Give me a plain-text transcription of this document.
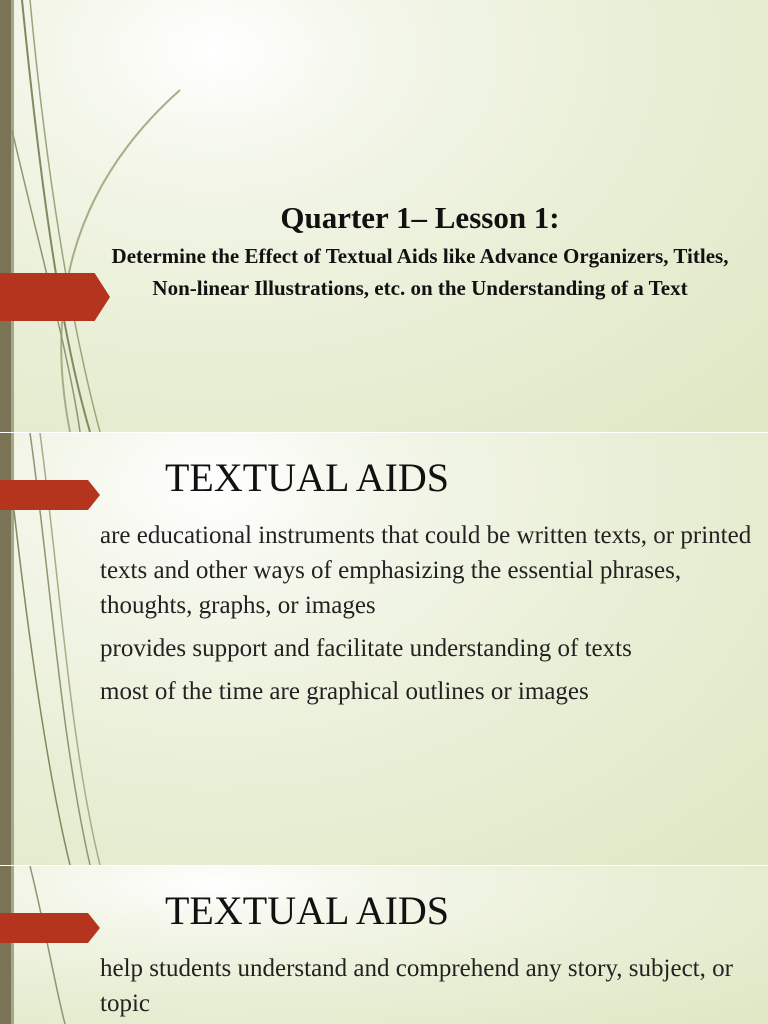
Quarter 1– Lesson 1:

Determine the Effect of Textual Aids like Advance Organizers, Titles, Non-linear Illustrations, etc. on the Understanding of a Text

TEXTUAL AIDS
are educational instruments that could be written texts, or printed texts and other ways of emphasizing the essential phrases, thoughts, graphs, or images
provides support and facilitate understanding of texts
most of the time are graphical outlines or images
TEXTUAL AIDS
help students understand and comprehend any story, subject, or topic
